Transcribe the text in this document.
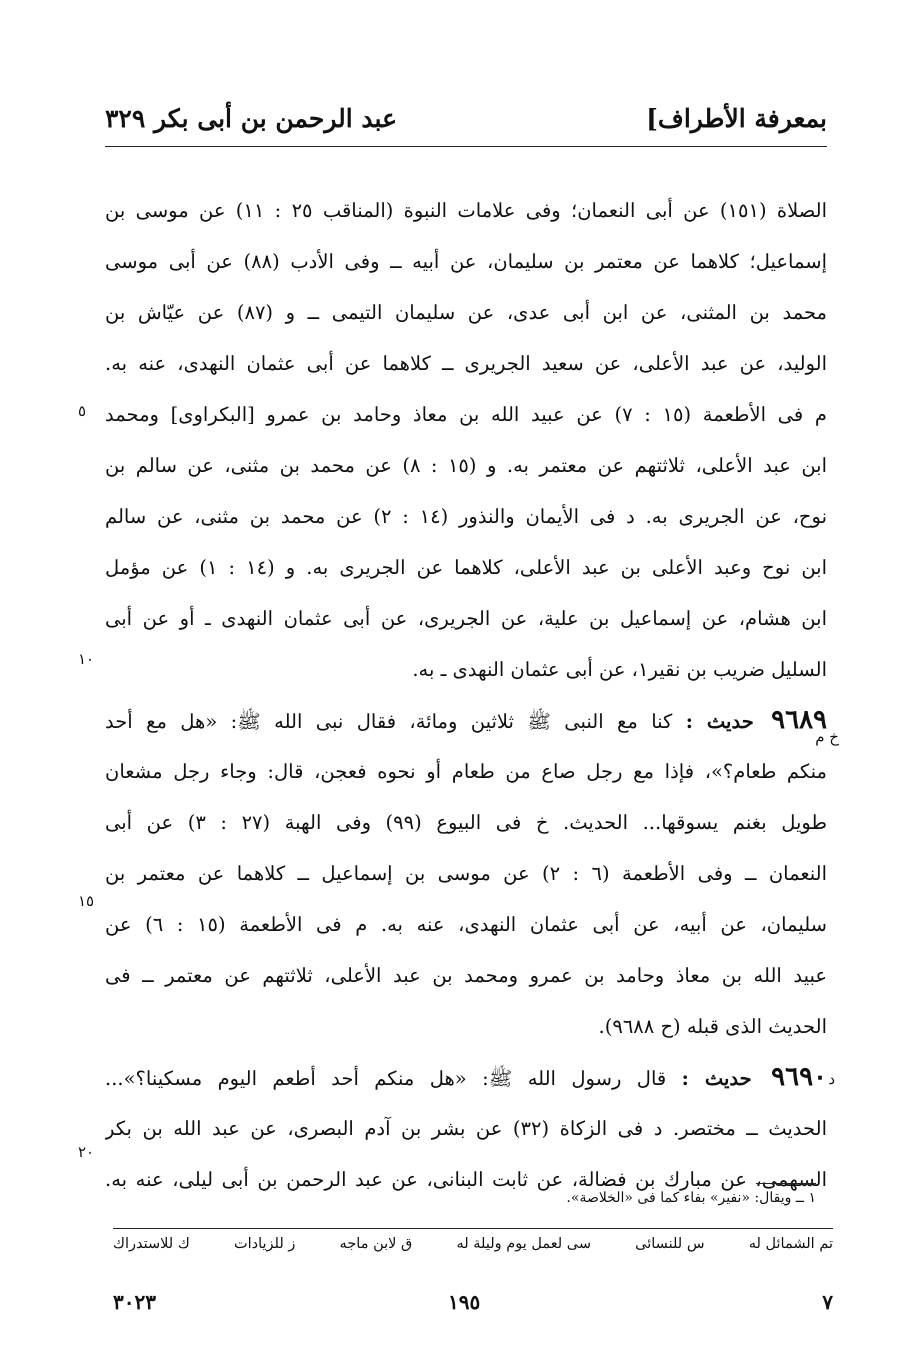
بمعرفة الأطراف]
عبد الرحمن بن أبى بكر ٣٢٩
الصلاة (١٥١) عن أبى النعمان؛ وفى علامات النبوة (المناقب ٢٥ : ١١) عن موسى بن
إسماعيل؛ كلاهما عن معتمر بن سليمان، عن أبيه ــ وفى الأدب (٨٨) عن أبى موسى
محمد بن المثنى، عن ابن أبى عدى، عن سليمان التيمى ــ و (٨٧) عن عيّاش بن
الوليد، عن عبد الأعلى، عن سعيد الجريرى ــ كلاهما عن أبى عثمان النهدى، عنه به.
م فى الأطعمة (١٥ : ٧) عن عبيد الله بن معاذ وحامد بن عمرو [البكراوى] ومحمد
ابن عبد الأعلى، ثلاثتهم عن معتمر به. و (١٥ : ٨) عن محمد بن مثنى، عن سالم بن
نوح، عن الجريرى به. د فى الأيمان والنذور (١٤ : ٢) عن محمد بن مثنى، عن سالم
ابن نوح وعبد الأعلى بن عبد الأعلى، كلاهما عن الجريرى به. و (١٤ : ١) عن مؤمل
ابن هشام، عن إسماعيل بن علية، عن الجريرى، عن أبى عثمان النهدى ـ أو عن أبى
السليل ضريب بن نقير١، عن أبى عثمان النهدى ـ به.
٩٦٨٩ حديث : كنا مع النبى ﷺ ثلاثين ومائة، فقال نبى الله ﷺ: «هل مع أحد
منكم طعام؟»، فإذا مع رجل صاع من طعام أو نحوه فعجن، قال: وجاء رجل مشعان
طويل بغنم يسوقها... الحديث. خ فى البيوع (٩٩) وفى الهبة (٢٧ : ٣) عن أبى
النعمان ــ وفى الأطعمة (٦ : ٢) عن موسى بن إسماعيل ــ كلاهما عن معتمر بن
سليمان، عن أبيه، عن أبى عثمان النهدى، عنه به. م فى الأطعمة (١٥ : ٦) عن
عبيد الله بن معاذ وحامد بن عمرو ومحمد بن عبد الأعلى، ثلاثتهم عن معتمر ــ فى
الحديث الذى قبله (ح ٩٦٨٨).
٩٦٩٠ حديث : قال رسول الله ﷺ: «هل منكم أحد أطعم اليوم مسكينا؟»...
الحديث ــ مختصر. د فى الزكاة (٣٢) عن بشر بن آدم البصرى، عن عبد الله بن بكر
السهمى، عن مبارك بن فضالة، عن ثابت البنانى، عن عبد الرحمن بن أبى ليلى، عنه به.
٥
١٠
١٥
٢٠
خ م
د
١ ــ ويقال: «نفير» بفاء كما فى «الخلاصة».
تم الشمائل له
س للنسائى
سى لعمل يوم وليلة له
ق لابن ماجه
ز للزيادات
ك للاستدراك
٣٠٢٣	١٩٥	٧
